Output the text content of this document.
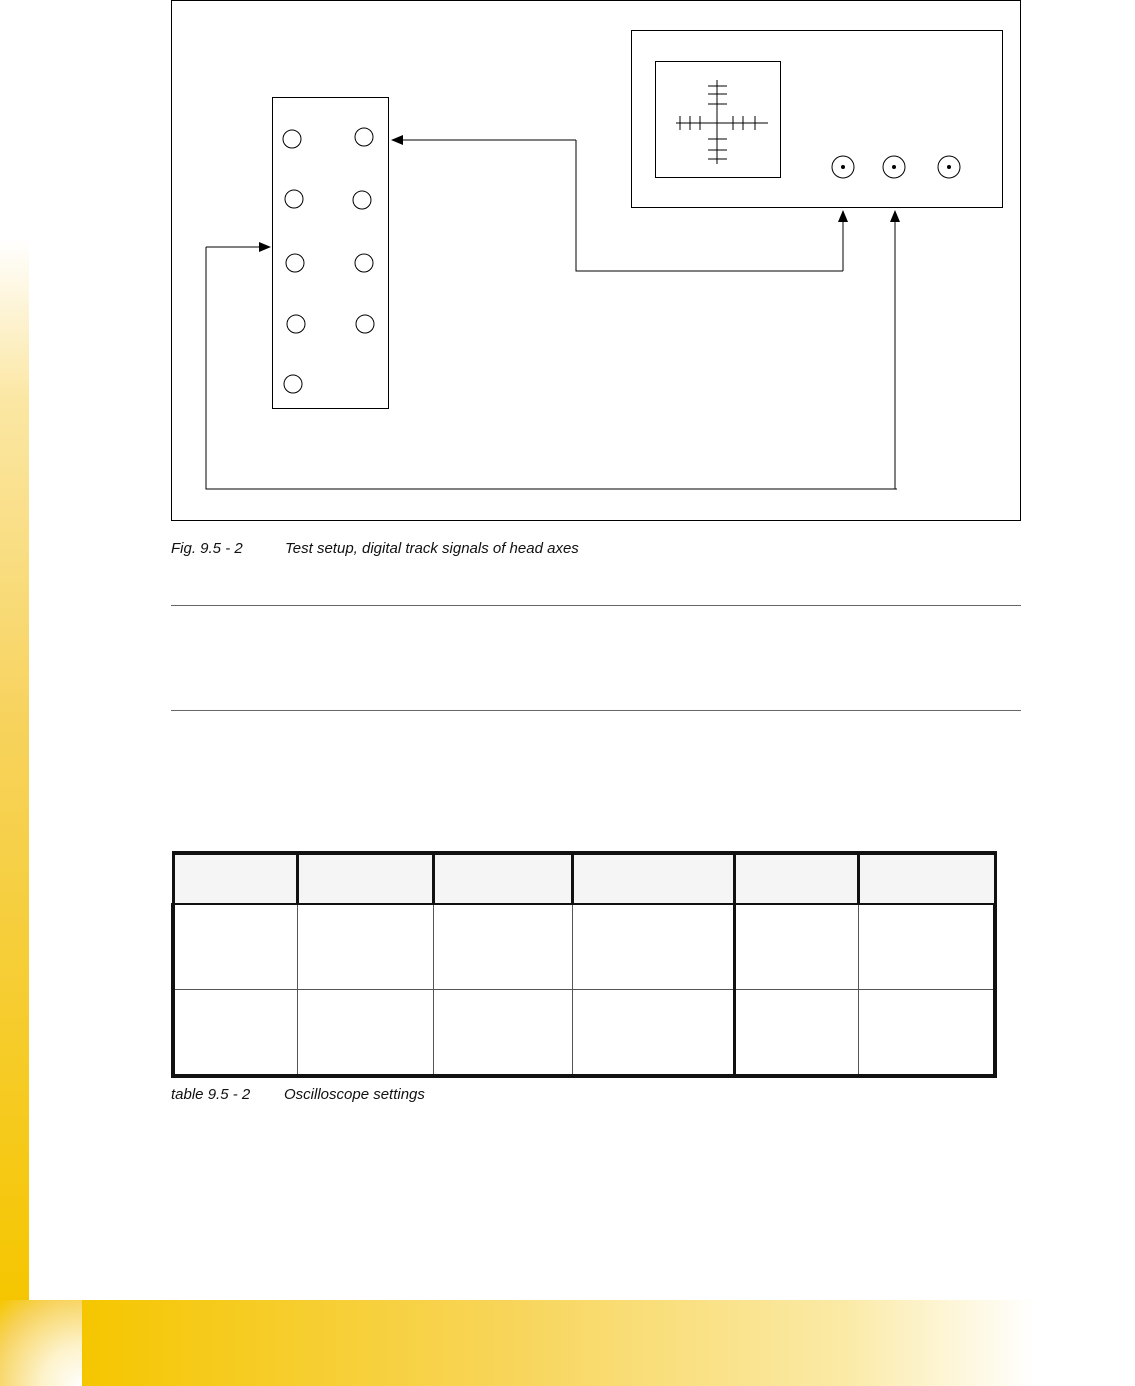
Fig. 9.5 - 2	Test setup, digital track signals of head axes

table 9.5 - 2 Oscilloscope settings
